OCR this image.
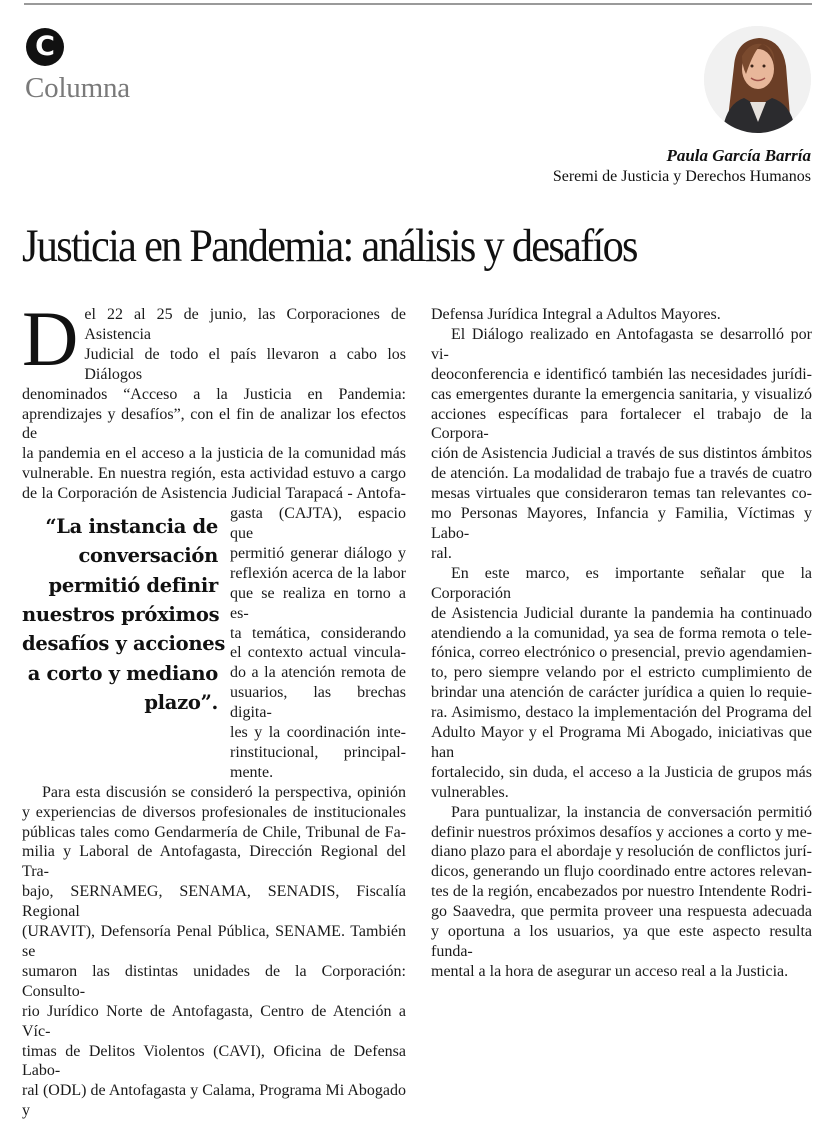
C
Columna
Paula García Barría
Seremi de Justicia y Derechos Humanos
Justicia en Pandemia: análisis y desafíos
D el 22 al 25 de junio, las Corporaciones de Asistencia
Judicial de todo el país llevaron a cabo los Diálogos
denominados “Acceso a la Justicia en Pandemia:
aprendizajes y desafíos”, con el fin de analizar los efectos de
la pandemia en el acceso a la justicia de la comunidad más
vulnerable. En nuestra región, esta actividad estuvo a cargo
de la Corporación de Asistencia Judicial Tarapacá - Antofa-
“La instancia de
conversación
permitió definir
nuestros próximos
desafíos y acciones
a corto y mediano
plazo”.
gasta (CAJTA), espacio que
permitió generar diálogo y
reflexión acerca de la labor
que se realiza en torno a es-
ta temática, considerando
el contexto actual vincula-
do a la atención remota de
usuarios, las brechas digita-
les y la coordinación inte-
rinstitucional, principal-
mente.
Para esta discusión se consideró la perspectiva, opinión
y experiencias de diversos profesionales de institucionales
públicas tales como Gendarmería de Chile, Tribunal de Fa-
milia y Laboral de Antofagasta, Dirección Regional del Tra-
bajo, SERNAMEG, SENAMA, SENADIS, Fiscalía Regional
(URAVIT), Defensoría Penal Pública, SENAME. También se
sumaron las distintas unidades de la Corporación: Consulto-
rio Jurídico Norte de Antofagasta, Centro de Atención a Víc-
timas de Delitos Violentos (CAVI), Oficina de Defensa Labo-
ral (ODL) de Antofagasta y Calama, Programa Mi Abogado y
Defensa Jurídica Integral a Adultos Mayores.
El Diálogo realizado en Antofagasta se desarrolló por vi-
deoconferencia e identificó también las necesidades jurídi-
cas emergentes durante la emergencia sanitaria, y visualizó
acciones específicas para fortalecer el trabajo de la Corpora-
ción de Asistencia Judicial a través de sus distintos ámbitos
de atención. La modalidad de trabajo fue a través de cuatro
mesas virtuales que consideraron temas tan relevantes co-
mo Personas Mayores, Infancia y Familia, Víctimas y Labo-
ral.
En este marco, es importante señalar que la Corporación
de Asistencia Judicial durante la pandemia ha continuado
atendiendo a la comunidad, ya sea de forma remota o tele-
fónica, correo electrónico o presencial, previo agendamien-
to, pero siempre velando por el estricto cumplimiento de
brindar una atención de carácter jurídica a quien lo requie-
ra. Asimismo, destaco la implementación del Programa del
Adulto Mayor y el Programa Mi Abogado, iniciativas que han
fortalecido, sin duda, el acceso a la Justicia de grupos más
vulnerables.
Para puntualizar, la instancia de conversación permitió
definir nuestros próximos desafíos y acciones a corto y me-
diano plazo para el abordaje y resolución de conflictos jurí-
dicos, generando un flujo coordinado entre actores relevan-
tes de la región, encabezados por nuestro Intendente Rodri-
go Saavedra, que permita proveer una respuesta adecuada
y oportuna a los usuarios, ya que este aspecto resulta funda-
mental a la hora de asegurar un acceso real a la Justicia.
